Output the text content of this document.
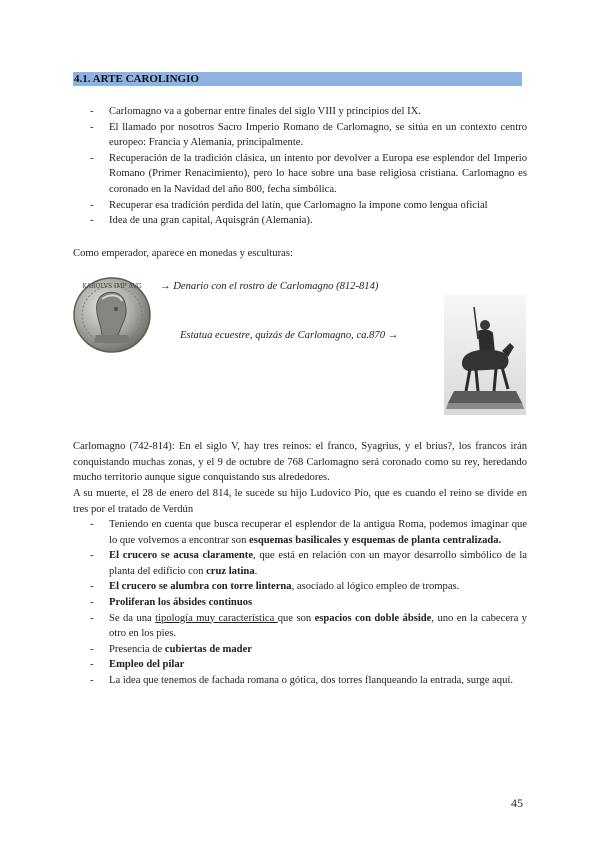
4.1. ARTE CAROLINGIO
- Carlomagno va a gobernar entre finales del siglo VIII y principios del IX.
- El llamado por nosotros Sacro Imperio Romano de Carlomagno, se sitúa en un contexto centro europeo: Francia y Alemania, principalmente.
- Recuperación de la tradición clásica, un intento por devolver a Europa ese esplendor del Imperio Romano (Primer Renacimiento), pero lo hace sobre una base religiosa cristiana. Carlomagno es coronado en la Navidad del año 800, fecha simbólica.
- Recuperar esa tradición perdida del latín, que Carlomagno la impone como lengua oficial
- Idea de una gran capital, Aquisgrán (Alemania).

Como emperador, aparece en monedas y esculturas:

KAROLVS IMP AVG → Denario con el rostro de Carlomagno (812-814)
Estatua ecuestre, quizás de Carlomagno, ca.870 →

Carlomagno (742-814): En el siglo V, hay tres reinos: el franco, Syagrius, y el brius?, los francos irán conquistando muchas zonas, y el 9 de octubre de 768 Carlomagno será coronado como su rey, heredando mucho territorio aunque sigue conquistando sus alrededores.

A su muerte, el 28 de enero del 814, le sucede su hijo Ludovico Pío, que es cuando el reino se divide en tres por el tratado de Verdún

- Teniendo en cuenta que busca recuperar el esplendor de la antigua Roma, podemos imaginar que lo que volvemos a encontrar son esquemas basilicales y esquemas de planta centralizada.
- El crucero se acusa claramente, que está en relación con un mayor desarrollo simbólico de la planta del edificio con cruz latina.
- El crucero se alumbra con torre linterna, asociado al lógico empleo de trompas.
- Proliferan los ábsides continuos
- Se da una tipología muy característica que son espacios con doble ábside, uno en la cabecera y otro en los pies.
- Presencia de cubiertas de mader
- Empleo del pilar
- La idea que tenemos de fachada romana o gótica, dos torres flanqueando la entrada, surge aquí.
45
